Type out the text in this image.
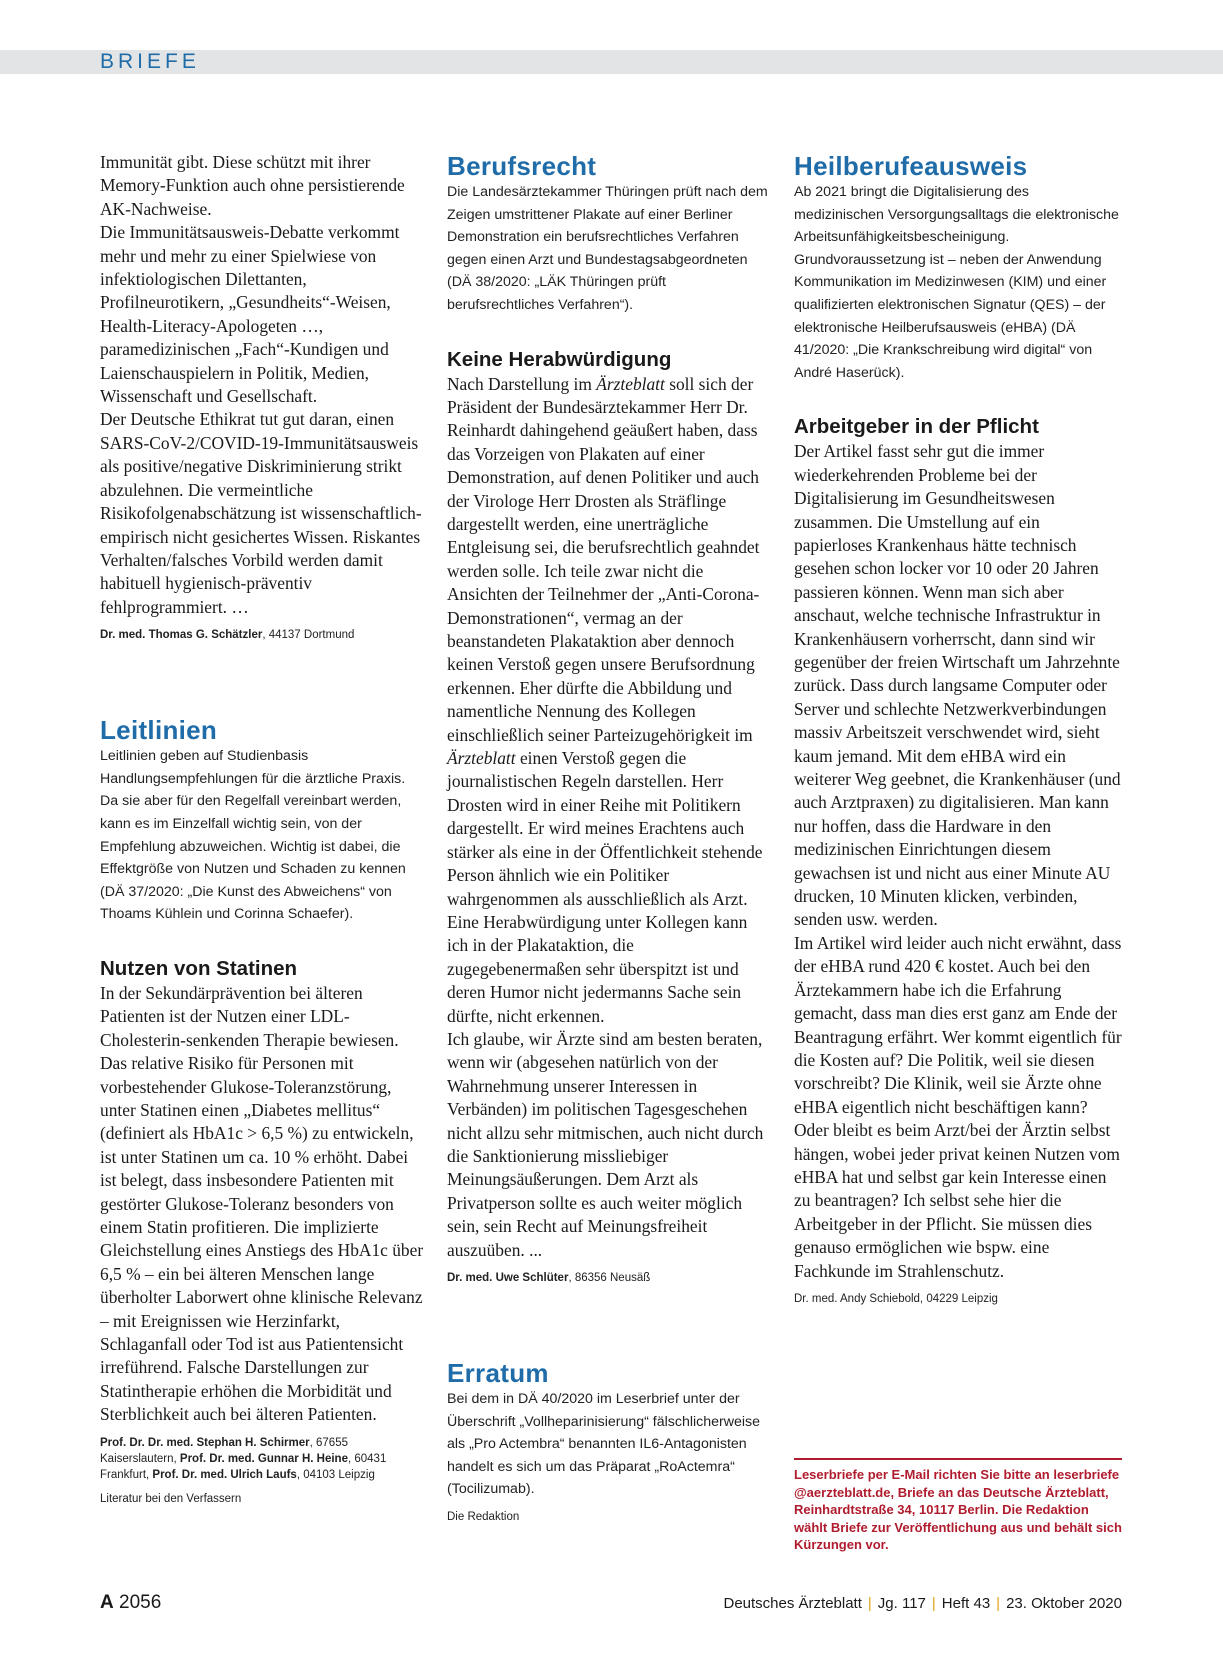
BRIEFE

Immunität gibt. Diese schützt mit ihrer Memory-Funktion auch ohne persistierende AK-Nachweise.

Die Immunitätsausweis-Debatte verkommt mehr und mehr zu einer Spielwiese von infektiologischen Dilettanten, Profilneurotikern, „Gesundheits“-Weisen, Health-Literacy-Apologeten …, paramedizinischen „Fach“-Kundigen und Laienschauspielern in Politik, Medien, Wissenschaft und Gesellschaft.

Der Deutsche Ethikrat tut gut daran, einen SARS-CoV-2/COVID-19-Immunitätsausweis als positive/negative Diskriminierung strikt abzulehnen. Die vermeintliche Risikofolgenabschätzung ist wissenschaftlich-empirisch nicht gesichertes Wissen. Riskantes Verhalten/falsches Vorbild werden damit habituell hygienisch-präventiv fehlprogrammiert. …

Dr. med. Thomas G. Schätzler, 44137 Dortmund

Leitlinien

Leitlinien geben auf Studienbasis Handlungsempfehlungen für die ärztliche Praxis. Da sie aber für den Regelfall vereinbart werden, kann es im Einzelfall wichtig sein, von der Empfehlung abzuweichen. Wichtig ist dabei, die Effektgröße von Nutzen und Schaden zu kennen (DÄ 37/2020: „Die Kunst des Abweichens“ von Thoams Kühlein und Corinna Schaefer).

Nutzen von Statinen

In der Sekundärprävention bei älteren Patienten ist der Nutzen einer LDL-Cholesterin-senkenden Therapie bewiesen. Das relative Risiko für Personen mit vorbestehender Glukose-Toleranzstörung, unter Statinen einen „Diabetes mellitus“ (definiert als HbA1c > 6,5 %) zu entwickeln, ist unter Statinen um ca. 10 % erhöht. Dabei ist belegt, dass insbesondere Patienten mit gestörter Glukose-Toleranz besonders von einem Statin profitieren. Die implizierte Gleichstellung eines Anstiegs des HbA1c über 6,5 % – ein bei älteren Menschen lange überholter Laborwert ohne klinische Relevanz – mit Ereignissen wie Herzinfarkt, Schlaganfall oder Tod ist aus Patientensicht irreführend. Falsche Darstellungen zur Statintherapie erhöhen die Morbidität und Sterblichkeit auch bei älteren Patienten.

Prof. Dr. Dr. med. Stephan H. Schirmer, 67655 Kaiserslautern, Prof. Dr. med. Gunnar H. Heine, 60431 Frankfurt, Prof. Dr. med. Ulrich Laufs, 04103 Leipzig

Literatur bei den Verfassern

Berufsrecht

Die Landesärztekammer Thüringen prüft nach dem Zeigen umstrittener Plakate auf einer Berliner Demonstration ein berufsrechtliches Verfahren gegen einen Arzt und Bundestagsabgeordneten (DÄ 38/2020: „LÄK Thüringen prüft berufsrechtliches Verfahren“).

Keine Herabwürdigung

Nach Darstellung im Ärzteblatt soll sich der Präsident der Bundesärztekammer Herr Dr. Reinhardt dahingehend geäußert haben, dass das Vorzeigen von Plakaten auf einer Demonstration, auf denen Politiker und auch der Virologe Herr Drosten als Sträflinge dargestellt werden, eine unerträgliche Entgleisung sei, die berufsrechtlich geahndet werden solle. Ich teile zwar nicht die Ansichten der Teilnehmer der „Anti-Corona-Demonstrationen“, vermag an der beanstandeten Plakataktion aber dennoch keinen Verstoß gegen unsere Berufsordnung erkennen. Eher dürfte die Abbildung und namentliche Nennung des Kollegen einschließlich seiner Parteizugehörigkeit im Ärzteblatt einen Verstoß gegen die journalistischen Regeln darstellen. Herr Drosten wird in einer Reihe mit Politikern dargestellt. Er wird meines Erachtens auch stärker als eine in der Öffentlichkeit stehende Person ähnlich wie ein Politiker wahrgenommen als ausschließlich als Arzt. Eine Herabwürdigung unter Kollegen kann ich in der Plakataktion, die zugegebenermaßen sehr überspitzt ist und deren Humor nicht jedermanns Sache sein dürfte, nicht erkennen.

Ich glaube, wir Ärzte sind am besten beraten, wenn wir (abgesehen natürlich von der Wahrnehmung unserer Interessen in Verbänden) im politischen Tagesgeschehen nicht allzu sehr mitmischen, auch nicht durch die Sanktionierung missliebiger Meinungsäußerungen. Dem Arzt als Privatperson sollte es auch weiter möglich sein, sein Recht auf Meinungsfreiheit auszuüben. ...

Dr. med. Uwe Schlüter, 86356 Neusäß

Erratum

Bei dem in DÄ 40/2020 im Leserbrief unter der Überschrift „Vollheparinisierung“ fälschlicherweise als „Pro Actembra“ benannten IL6-Antagonisten handelt es sich um das Präparat „RoActemra“ (Tocilizumab).

Die Redaktion

Heilberufeausweis

Ab 2021 bringt die Digitalisierung des medizinischen Versorgungsalltags die elektronische Arbeitsunfähigkeitsbescheinigung. Grundvoraussetzung ist – neben der Anwendung Kommunikation im Medizinwesen (KIM) und einer qualifizierten elektronischen Signatur (QES) – der elektronische Heilberufsausweis (eHBA) (DÄ 41/2020: „Die Krankschreibung wird digital“ von André Haserück).

Arbeitgeber in der Pflicht

Der Artikel fasst sehr gut die immer wiederkehrenden Probleme bei der Digitalisierung im Gesundheitswesen zusammen. Die Umstellung auf ein papierloses Krankenhaus hätte technisch gesehen schon locker vor 10 oder 20 Jahren passieren können. Wenn man sich aber anschaut, welche technische Infrastruktur in Krankenhäusern vorherrscht, dann sind wir gegenüber der freien Wirtschaft um Jahrzehnte zurück. Dass durch langsame Computer oder Server und schlechte Netzwerkverbindungen massiv Arbeitszeit verschwendet wird, sieht kaum jemand. Mit dem eHBA wird ein weiterer Weg geebnet, die Krankenhäuser (und auch Arztpraxen) zu digitalisieren. Man kann nur hoffen, dass die Hardware in den medizinischen Einrichtungen diesem gewachsen ist und nicht aus einer Minute AU drucken, 10 Minuten klicken, verbinden, senden usw. werden.

Im Artikel wird leider auch nicht erwähnt, dass der eHBA rund 420 € kostet. Auch bei den Ärztekammern habe ich die Erfahrung gemacht, dass man dies erst ganz am Ende der Beantragung erfährt. Wer kommt eigentlich für die Kosten auf? Die Politik, weil sie diesen vorschreibt? Die Klinik, weil sie Ärzte ohne eHBA eigentlich nicht beschäftigen kann? Oder bleibt es beim Arzt/bei der Ärztin selbst hängen, wobei jeder privat keinen Nutzen vom eHBA hat und selbst gar kein Interesse einen zu beantragen? Ich selbst sehe hier die Arbeitgeber in der Pflicht. Sie müssen dies genauso ermöglichen wie bspw. eine Fachkunde im Strahlenschutz.

Dr. med. Andy Schiebold, 04229 Leipzig

Leserbriefe per E-Mail richten Sie bitte an leserbriefe @aerzteblatt.de, Briefe an das Deutsche Ärzteblatt, Reinhardtstraße 34, 10117 Berlin. Die Redaktion wählt Briefe zur Veröffentlichung aus und behält sich Kürzungen vor.
A 2056	Deutsches Ärzteblatt | Jg. 117 | Heft 43 | 23. Oktober 2020
